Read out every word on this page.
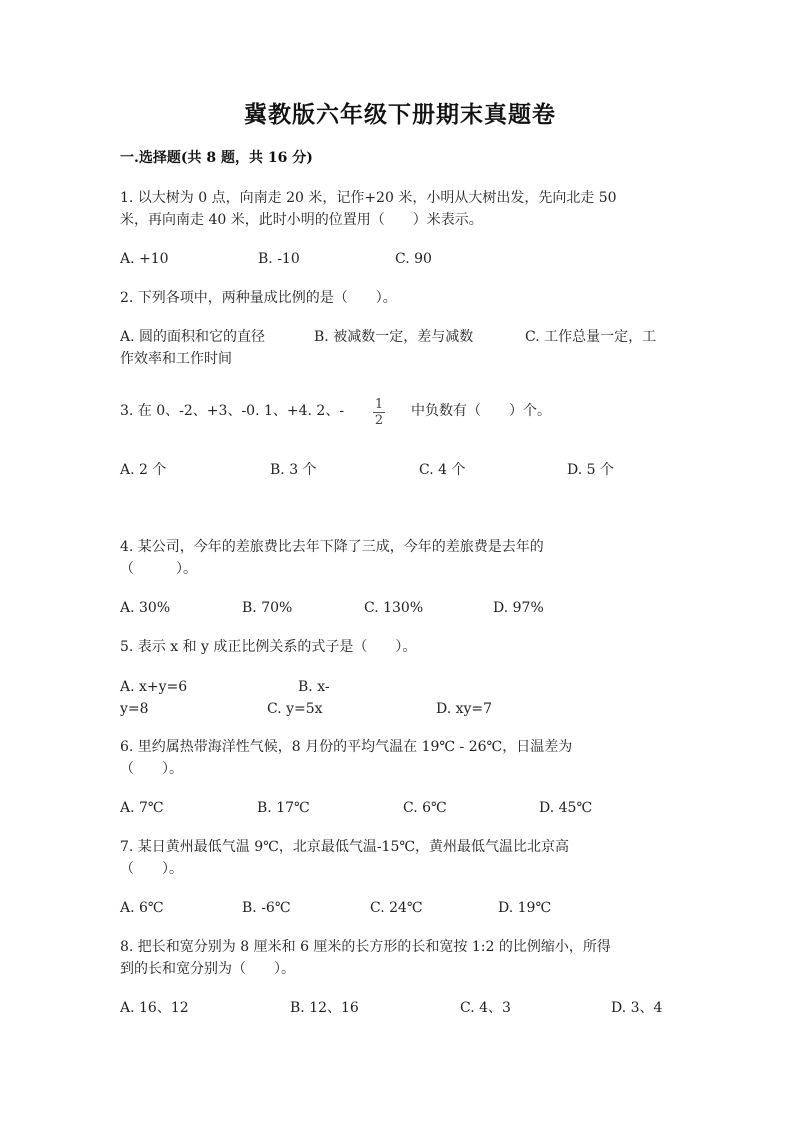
冀教版六年级下册期末真题卷
一.选择题(共 8 题，共 16 分)
1. 以大树为 0 点，向南走 20 米，记作+20 米，小明从大树出发，先向北走 50
米，再向南走 40 米，此时小明的位置用（　　）米表示。
A. +10	B. -10	C. 90
2. 下列各项中，两种量成比例的是（　　）。
A. 圆的面积和它的直径	B. 被减数一定，差与减数	C. 工作总量一定，工
作效率和工作时间
3. 在 0、-2、+3、-0. 1、+4. 2、- 1
2
中负数有（　　）个。
A. 2 个	B. 3 个	C. 4 个	D. 5 个
4. 某公司，今年的差旅费比去年下降了三成，今年的差旅费是去年的
（　　　）。
A. 30%	B. 70%	C. 130%	D. 97%
5. 表示 x 和 y 成正比例关系的式子是（　　）。
A. x+y=6	B. x-
y=8	C. y=5x	D. xy=7
6. 里约属热带海洋性气候，8 月份的平均气温在 19℃ - 26℃，日温差为
（　　）。
A. 7℃	B. 17℃	C. 6℃	D. 45℃
7. 某日黄州最低气温 9℃，北京最低气温-15℃，黄州最低气温比北京高
（　　）。
A. 6℃	B. -6℃	C. 24℃	D. 19℃
8. 把长和宽分别为 8 厘米和 6 厘米的长方形的长和宽按 1:2 的比例缩小，所得
到的长和宽分别为（　　）。
A. 16、12	B. 12、16	C. 4、3	D. 3、4
